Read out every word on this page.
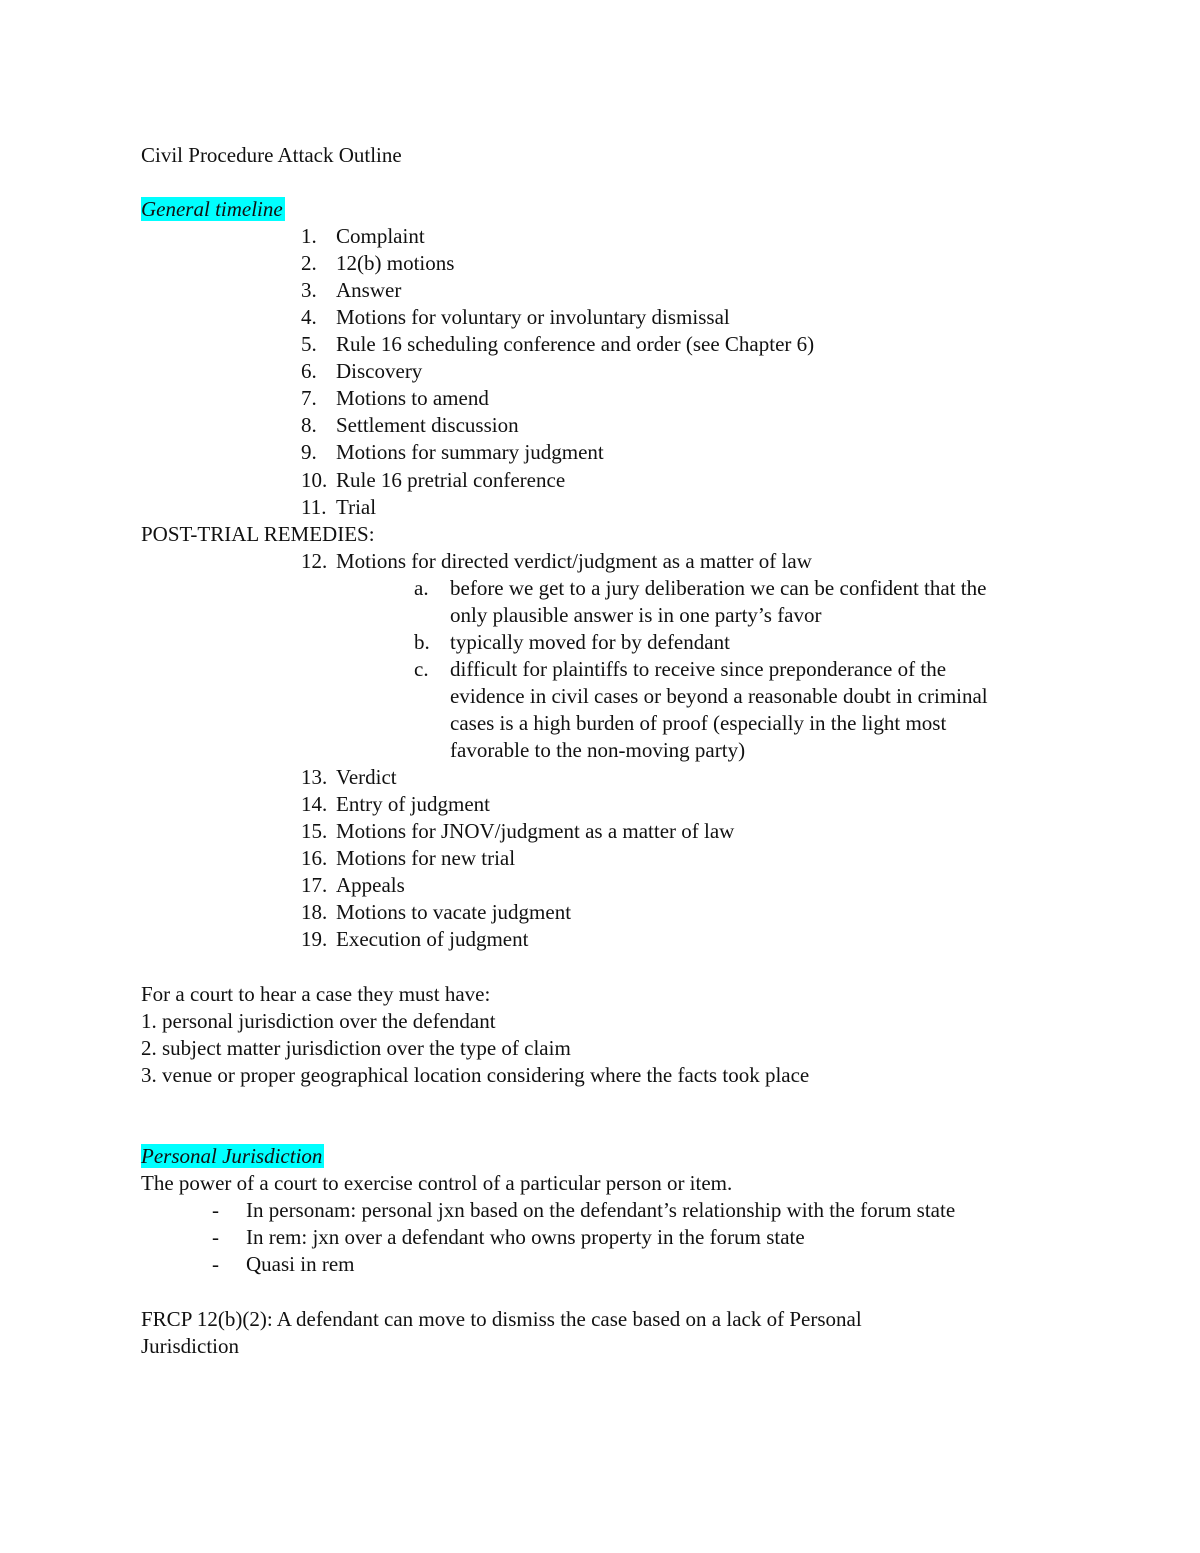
Civil Procedure Attack Outline
General timeline
1. Complaint
2. 12(b) motions
3. Answer
4. Motions for voluntary or involuntary dismissal
5. Rule 16 scheduling conference and order (see Chapter 6)
6. Discovery
7. Motions to amend
8. Settlement discussion
9. Motions for summary judgment
10. Rule 16 pretrial conference
11. Trial
POST-TRIAL REMEDIES:
12. Motions for directed verdict/judgment as a matter of law
a. before we get to a jury deliberation we can be confident that the
only plausible answer is in one party’s favor
b. typically moved for by defendant
c. difficult for plaintiffs to receive since preponderance of the
evidence in civil cases or beyond a reasonable doubt in criminal
cases is a high burden of proof (especially in the light most
favorable to the non-moving party)
13. Verdict
14. Entry of judgment
15. Motions for JNOV/judgment as a matter of law
16. Motions for new trial
17. Appeals
18. Motions to vacate judgment
19. Execution of judgment
For a court to hear a case they must have:
1. personal jurisdiction over the defendant
2. subject matter jurisdiction over the type of claim
3. venue or proper geographical location considering where the facts took place
Personal Jurisdiction
The power of a court to exercise control of a particular person or item.
- In personam: personal jxn based on the defendant’s relationship with the forum state
- In rem: jxn over a defendant who owns property in the forum state
- Quasi in rem
FRCP 12(b)(2): A defendant can move to dismiss the case based on a lack of Personal
Jurisdiction
